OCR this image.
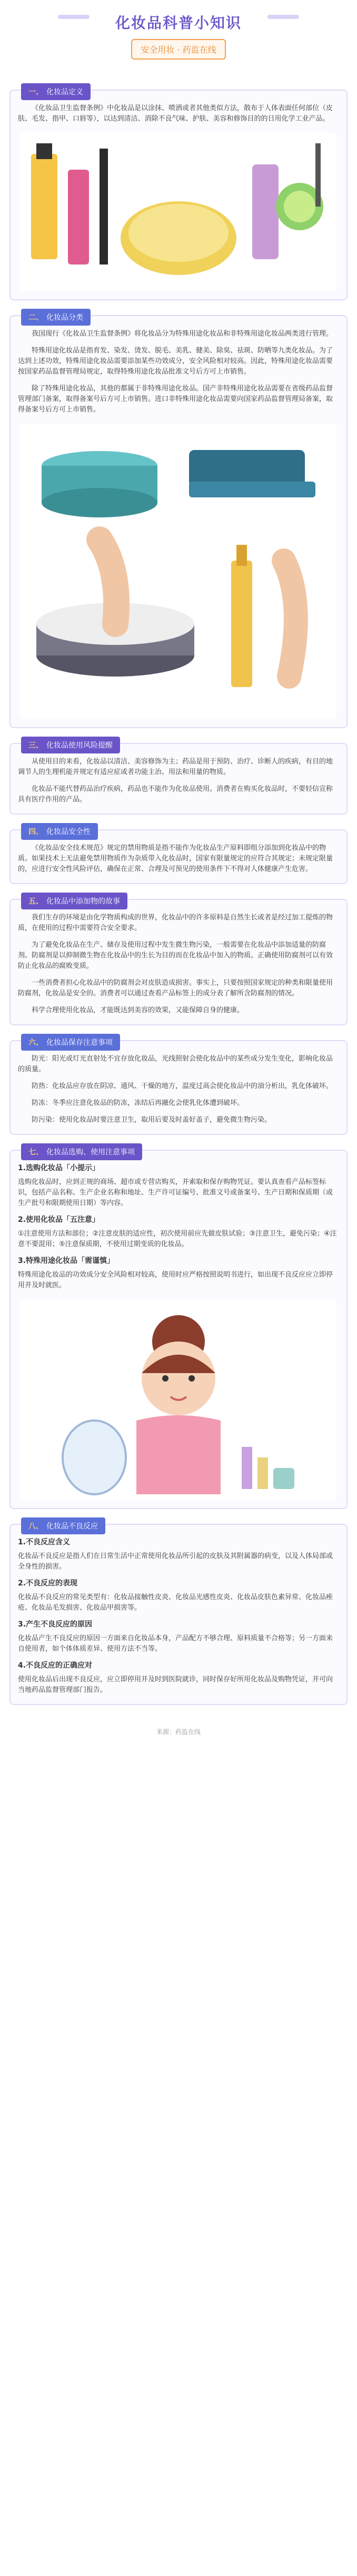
化妆品科普小知识
安全用妆 · 药监在线
一、 化妆品定义

《化妆品卫生监督条例》中化妆品是以涂抹、喷洒或者其他类似方法，散布于人体表面任何部位（皮肤、毛发、指甲、口唇等），以达到清洁、消除不良气味、护肤、美容和修饰目的的日用化学工业产品。

二、 化妆品分类

我国现行《化妆品卫生监督条例》将化妆品分为特殊用途化妆品和非特殊用途化妆品两类进行管理。

特殊用途化妆品是指育发、染发、烫发、脱毛、美乳、健美、除臭、祛斑、防晒等九类化妆品。为了达到上述功效，特殊用途化妆品需要添加某些功效成分，安全风险相对较高。因此，特殊用途化妆品需要按国家药品监督管理局规定，取得特殊用途化妆品批准文号后方可上市销售。

除了特殊用途化妆品，其他的都属于非特殊用途化妆品。国产非特殊用途化妆品需要在省级药品监督管理部门备案，取得备案号后方可上市销售。进口非特殊用途化妆品需要向国家药品监督管理局备案，取得备案号后方可上市销售。

三、 化妆品使用风险提醒

从使用目的来看，化妆品以清洁、美容修饰为主；药品是用于预防、治疗、诊断人的疾病，有目的地调节人的生理机能并规定有适应症或者功能主治、用法和用量的物质。

化妆品不能代替药品治疗疾病，药品也不能作为化妆品使用。消费者在购买化妆品时，不要轻信宣称具有医疗作用的产品。

四、 化妆品安全性

《化妆品安全技术规范》规定的禁用物质是指不能作为化妆品生产原料即组分添加到化妆品中的物质。如果技术上无法避免禁用物质作为杂质带入化妆品时，国家有限量规定的应符合其规定；未规定限量的，应进行安全性风险评估，确保在正常、合理及可预见的使用条件下不得对人体健康产生危害。

五、 化妆品中添加物的故事

我们生存的环境是由化学物质构成的世界，化妆品中的许多原料是自然生长或者是经过加工提炼的物质，在使用的过程中需要符合安全要求。

为了避免化妆品在生产、储存及使用过程中发生微生物污染，一般需要在化妆品中添加适量的防腐剂。防腐剂是以抑制微生物在化妆品中的生长为目的而在化妆品中加入的物质。正确使用防腐剂可以有效防止化妆品的腐败变质。

一些消费者担心化妆品中的防腐剂会对皮肤造成损害。事实上，只要按照国家规定的种类和限量使用防腐剂，化妆品是安全的。消费者可以通过查看产品标签上的成分表了解所含防腐剂的情况。

科学合理使用化妆品，才能既达到美容的效果，又能保障自身的健康。

六、 化妆品保存注意事项

防光：阳光或灯光直射处不宜存放化妆品，光线照射会使化妆品中的某些成分发生变化，影响化妆品的质量。

防热：化妆品应存放在阴凉、通风、干燥的地方，温度过高会使化妆品中的油分析出，乳化体破坏。

防冻：冬季应注意化妆品的防冻，冻结后再融化会使乳化体遭到破坏。

防污染：使用化妆品时要注意卫生，取用后要及时盖好盖子，避免微生物污染。

七、 化妆品选购、使用注意事项
1.选购化妆品「小提示」
选购化妆品时，应到正规的商场、超市或专营店购买，并索取和保存购物凭证。要认真查看产品标签标识，包括产品名称、生产企业名称和地址、生产许可证编号、批准文号或备案号、生产日期和保质期（或生产批号和限期使用日期）等内容。
2.使用化妆品「五注意」
①注意使用方法和部位；②注意皮肤的适应性，初次使用前应先做皮肤试验；③注意卫生，避免污染；④注意不要混用；⑤注意保质期，不使用过期变质的化妆品。
3.特殊用途化妆品「需谨慎」
特殊用途化妆品的功效成分安全风险相对较高，使用时应严格按照说明书进行，如出现不良反应应立即停用并及时就医。
八、 化妆品不良反应
1.不良反应含义
化妆品不良反应是指人们在日常生活中正常使用化妆品所引起的皮肤及其附属器的病变，以及人体局部或全身性的损害。
2.不良反应的表现
化妆品不良反应的常见类型有：化妆品接触性皮炎、化妆品光感性皮炎、化妆品皮肤色素异常、化妆品痤疮、化妆品毛发损害、化妆品甲损害等。
3.产生不良反应的原因
化妆品产生不良反应的原因一方面来自化妆品本身，产品配方不够合理、原料质量不合格等；另一方面来自使用者，如个体体质差异、使用方法不当等。
4.不良反应的正确应对
使用化妆品后出现不良反应，应立即停用并及时到医院就诊，同时保存好所用化妆品及购物凭证，并可向当地药品监督管理部门报告。
来源：药监在线
